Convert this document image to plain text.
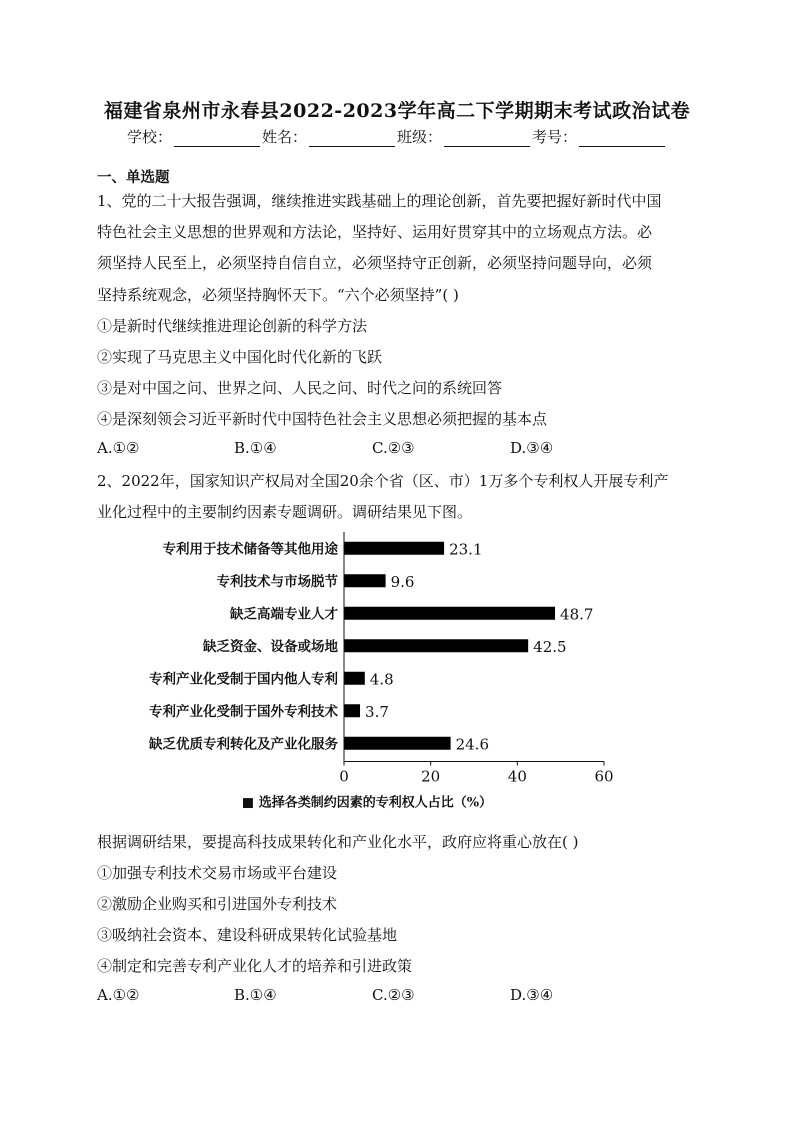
福建省泉州市永春县2022-2023学年高二下学期期末考试政治试卷
学校：	姓名：	班级：	考号：
一、单选题
1、党的二十大报告强调，继续推进实践基础上的理论创新，首先要把握好新时代中国
特色社会主义思想的世界观和方法论，坚持好、运用好贯穿其中的立场观点方法。必
须坚持人民至上，必须坚持自信自立，必须坚持守正创新，必须坚持问题导向，必须
坚持系统观念，必须坚持胸怀天下。“六个必须坚持”( )
①是新时代继续推进理论创新的科学方法
②实现了马克思主义中国化时代化新的飞跃
③是对中国之问、世界之问、人民之问、时代之问的系统回答
④是深刻领会习近平新时代中国特色社会主义思想必须把握的基本点
A.①②	B.①④	C.②③	D.③④
2、2022年，国家知识产权局对全国20余个省（区、市）1万多个专利权人开展专利产
业化过程中的主要制约因素专题调研。调研结果见下图。
专利用于技术储备等其他用途	23.1
专利技术与市场脱节	9.6
缺乏高端专业人才	48.7
缺乏资金、设备或场地	42.5
专利产业化受制于国内他人专利 4.8
专利产业化受制于国外专利技术 3.7
缺乏优质专利转化及产业化服务	24.6
0	20	40	60
■ 选择各类制约因素的专利权人占比（%）
根据调研结果，要提高科技成果转化和产业化水平，政府应将重心放在( )
①加强专利技术交易市场或平台建设
②激励企业购买和引进国外专利技术
③吸纳社会资本、建设科研成果转化试验基地
④制定和完善专利产业化人才的培养和引进政策
A.①②	B.①④	C.②③	D.③④
